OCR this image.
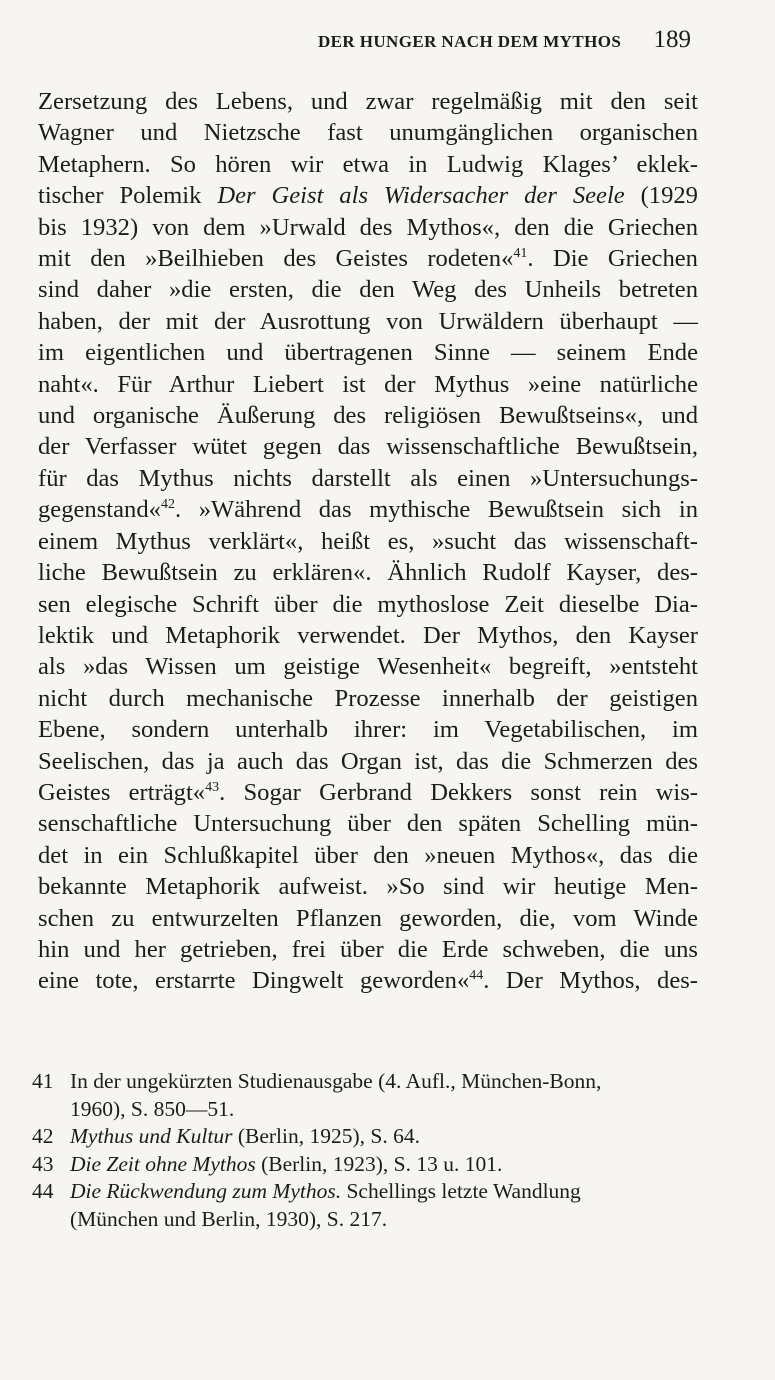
DER HUNGER NACH DEM MYTHOS 189
Zersetzung des Lebens, und zwar regelmäßig mit den seit
Wagner und Nietzsche fast unumgänglichen organischen
Metaphern. So hören wir etwa in Ludwig Klages’ eklek-
tischer Polemik Der Geist als Widersacher der Seele (1929
bis 1932) von dem »Urwald des Mythos«, den die Griechen
mit den »Beilhieben des Geistes rodeten«$^{41}$. Die Griechen
sind daher »die ersten, die den Weg des Unheils betreten
haben, der mit der Ausrottung von Urwäldern überhaupt —
im eigentlichen und übertragenen Sinne — seinem Ende
naht«. Für Arthur Liebert ist der Mythus »eine natürliche
und organische Äußerung des religiösen Bewußtseins«, und
der Verfasser wütet gegen das wissenschaftliche Bewußtsein,
für das Mythus nichts darstellt als einen »Untersuchungs-
gegenstand«$^{42}$. »Während das mythische Bewußtsein sich in
einem Mythus verklärt«, heißt es, »sucht das wissenschaft-
liche Bewußtsein zu erklären«. Ähnlich Rudolf Kayser, des-
sen elegische Schrift über die mythoslose Zeit dieselbe Dia-
lektik und Metaphorik verwendet. Der Mythos, den Kayser
als »das Wissen um geistige Wesenheit« begreift, »entsteht
nicht durch mechanische Prozesse innerhalb der geistigen
Ebene, sondern unterhalb ihrer: im Vegetabilischen, im
Seelischen, das ja auch das Organ ist, das die Schmerzen des
Geistes erträgt«$^{43}$. Sogar Gerbrand Dekkers sonst rein wis-
senschaftliche Untersuchung über den späten Schelling mün-
det in ein Schlußkapitel über den »neuen Mythos«, das die
bekannte Metaphorik aufweist. »So sind wir heutige Men-
schen zu entwurzelten Pflanzen geworden, die, vom Winde
hin und her getrieben, frei über die Erde schweben, die uns
eine tote, erstarrte Dingwelt geworden«$^{44}$. Der Mythos, des-
41 In der ungekürzten Studienausgabe (4. Aufl., München-Bonn,
1960), S. 850—51.
42 Mythus und Kultur (Berlin, 1925), S. 64.
43 Die Zeit ohne Mythos (Berlin, 1923), S. 13 u. 101.
44 Die Rückwendung zum Mythos. Schellings letzte Wandlung
(München und Berlin, 1930), S. 217.
